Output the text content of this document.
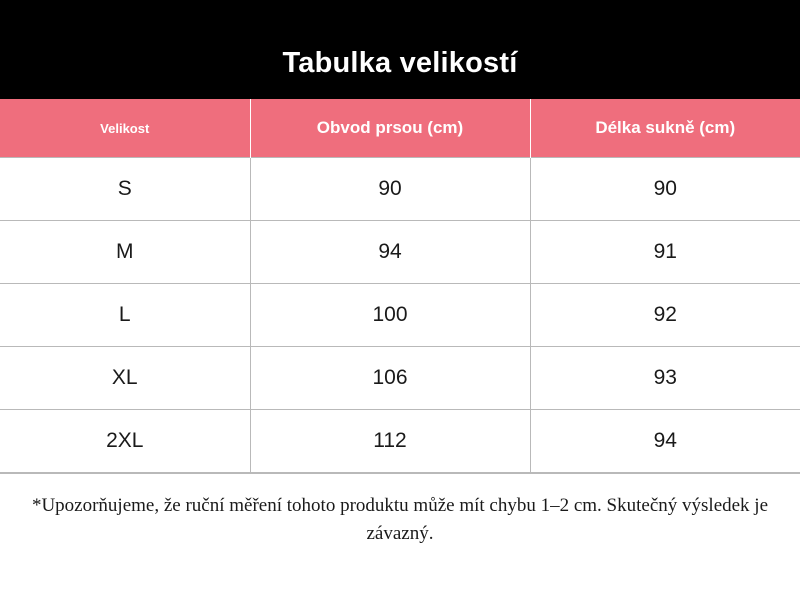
Tabulka velikostí
Velikost	Obvod prsou (cm)	Délka sukně (cm)
S	90	90
M	94	91
L	100	92
XL	106	93
2XL	112	94
*Upozorňujeme, že ruční měření tohoto produktu může mít chybu 1–2 cm. Skutečný výsledek je závazný.
